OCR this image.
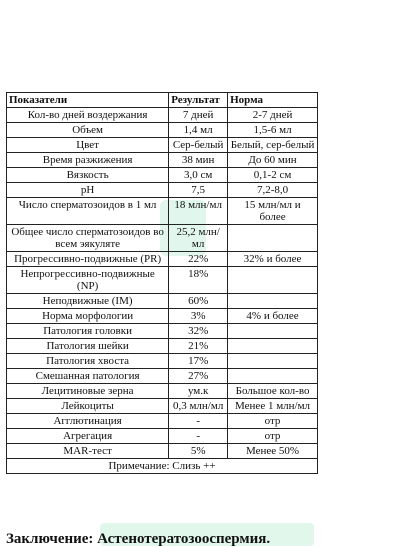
Показатели	Результат	Норма
Кол-во дней воздержания	7 дней	2-7 дней
Объем	1,4 мл	1,5-6 мл
Цвет	Сер-белый	Белый, сер-белый
Время разжижения	38 мин	До 60 мин
Вязкость	3,0 см	0,1-2 см
pH	7,5	7,2-8,0
Число сперматозоидов в 1 мл	18 млн/мл	15 млн/мл и более
Общее число сперматозоидов во всем эякуляте	25,2 млн/мл	
Прогрессивно-подвижные (PR)	22%	32% и более
Непрогрессивно-подвижные (NP)	18%	
Неподвижные (IM)	60%	
Норма морфологии	3%	4% и более
Патология головки	32%	
Патология шейки	21%	
Патология хвоста	17%	
Смешанная патология	27%	
Лецитиновые зерна	ум.к	Большое кол-во
Лейкоциты	0,3 млн/мл	Менее 1 млн/мл
Агглютинация	-	отр
Агрегация	-	отр
MAR-тест	5%	Менее 50%
Примечание: Слизь ++		
Заключение: Астенотератозооспермия.
